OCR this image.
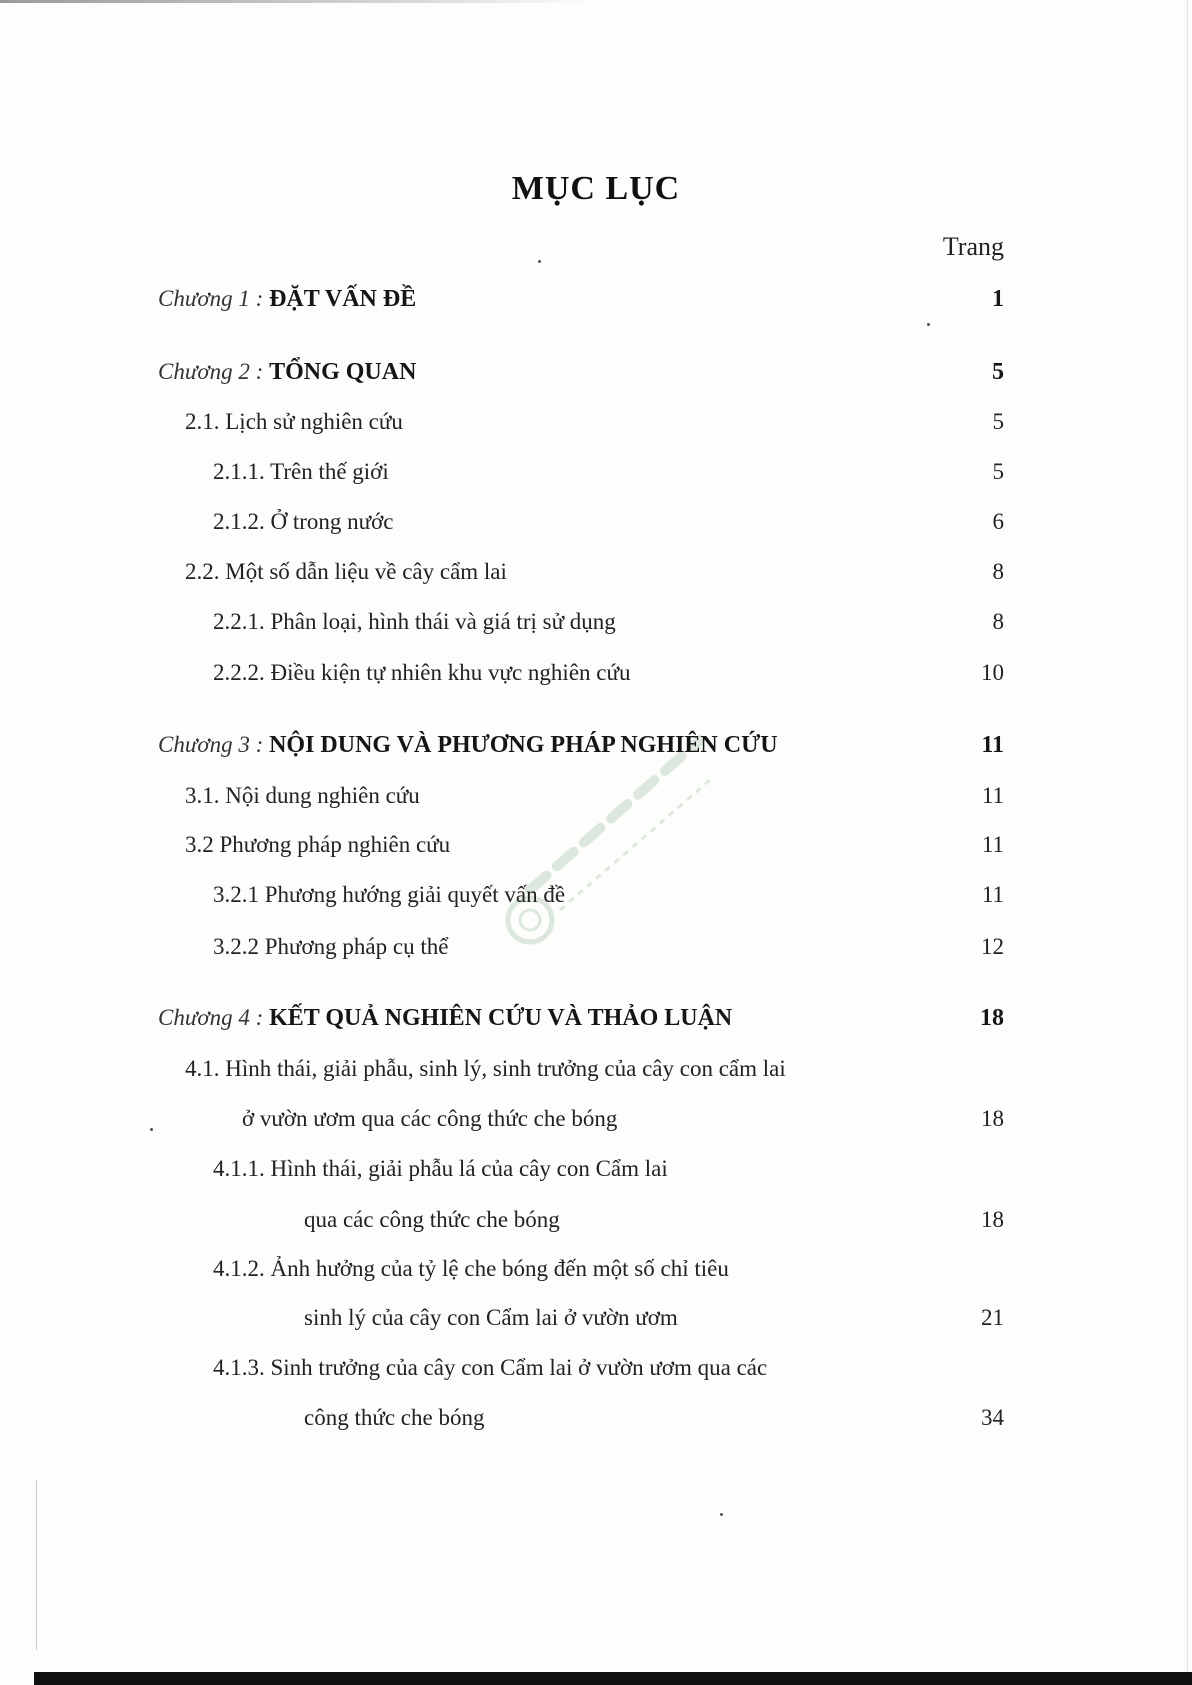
MỤC LỤC
Trang
Chương 1 : ĐẶT VẤN ĐỀ	1
Chương 2 : TỔNG QUAN	5
2.1. Lịch sử nghiên cứu	5
2.1.1. Trên thế giới	5
2.1.2. Ở trong nước	6
2.2. Một số dẫn liệu về cây cẩm lai	8
2.2.1. Phân loại, hình thái và giá trị sử dụng	8
2.2.2. Điều kiện tự nhiên khu vực nghiên cứu	10
Chương 3 : NỘI DUNG VÀ PHƯƠNG PHÁP NGHIÊN CỨU	11
3.1. Nội dung nghiên cứu	11
3.2 Phương pháp nghiên cứu	11
3.2.1 Phương hướng giải quyết vấn đề	11
3.2.2 Phương pháp cụ thể	12
Chương 4 : KẾT QUẢ NGHIÊN CỨU VÀ THẢO LUẬN	18
4.1. Hình thái, giải phẫu, sinh lý, sinh trưởng của cây con cẩm lai
ở vườn ươm qua các công thức che bóng	18
4.1.1. Hình thái, giải phẫu lá của cây con Cẩm lai
qua các công thức che bóng	18
4.1.2. Ảnh hưởng của tỷ lệ che bóng đến một số chỉ tiêu
sinh lý của cây con Cẩm lai ở vườn ươm	21
4.1.3. Sinh trưởng của cây con Cẩm lai ở vườn ươm qua các
công thức che bóng	34
